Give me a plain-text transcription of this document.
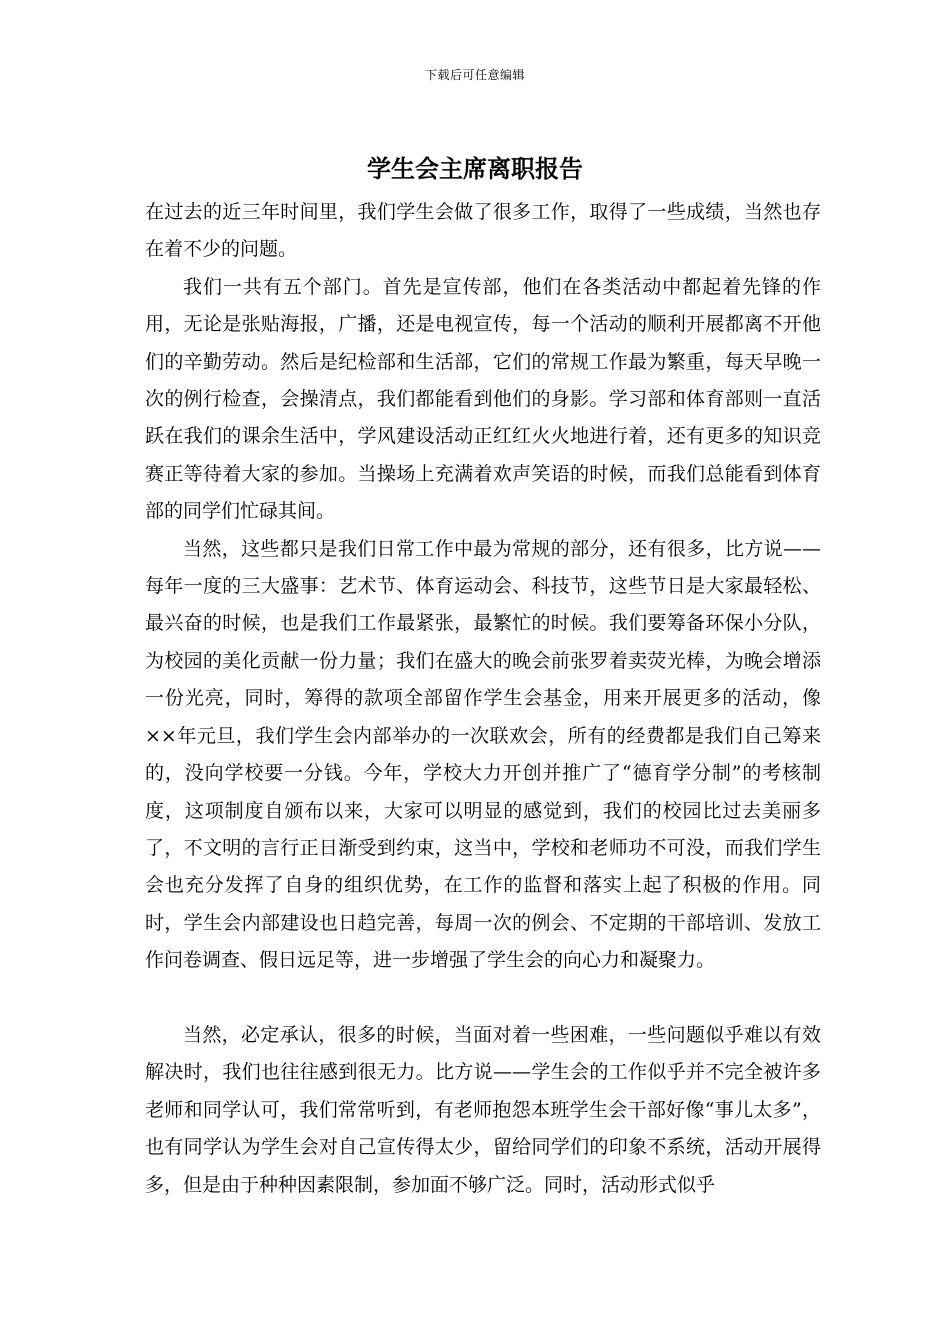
下载后可任意编辑
学生会主席离职报告

在过去的近三年时间里，我们学生会做了很多工作，取得了一些成绩，当然也存在着不少的问题。

我们一共有五个部门。首先是宣传部，他们在各类活动中都起着先锋的作用，无论是张贴海报，广播，还是电视宣传，每一个活动的顺利开展都离不开他们的辛勤劳动。然后是纪检部和生活部，它们的常规工作最为繁重，每天早晚一次的例行检查，会操清点，我们都能看到他们的身影。学习部和体育部则一直活跃在我们的课余生活中，学风建设活动正红红火火地进行着，还有更多的知识竞赛正等待着大家的参加。当操场上充满着欢声笑语的时候，而我们总能看到体育部的同学们忙碌其间。

当然，这些都只是我们日常工作中最为常规的部分，还有很多，比方说——每年一度的三大盛事：艺术节、体育运动会、科技节，这些节日是大家最轻松、最兴奋的时候，也是我们工作最紧张，最繁忙的时候。我们要筹备环保小分队，为校园的美化贡献一份力量；我们在盛大的晚会前张罗着卖荧光棒，为晚会增添一份光亮，同时，筹得的款项全部留作学生会基金，用来开展更多的活动，像××年元旦，我们学生会内部举办的一次联欢会，所有的经费都是我们自己筹来的，没向学校要一分钱。今年，学校大力开创并推广了“德育学分制”的考核制度，这项制度自颁布以来，大家可以明显的感觉到，我们的校园比过去美丽多了，不文明的言行正日渐受到约束，这当中，学校和老师功不可没，而我们学生会也充分发挥了自身的组织优势，在工作的监督和落实上起了积极的作用。同时，学生会内部建设也日趋完善，每周一次的例会、不定期的干部培训、发放工作问卷调查、假日远足等，进一步增强了学生会的向心力和凝聚力。

当然，必定承认，很多的时候，当面对着一些困难，一些问题似乎难以有效解决时，我们也往往感到很无力。比方说——学生会的工作似乎并不完全被许多老师和同学认可，我们常常听到，有老师抱怨本班学生会干部好像“事儿太多”，也有同学认为学生会对自己宣传得太少，留给同学们的印象不系统，活动开展得多，但是由于种种因素限制，参加面不够广泛。同时，活动形式似乎
